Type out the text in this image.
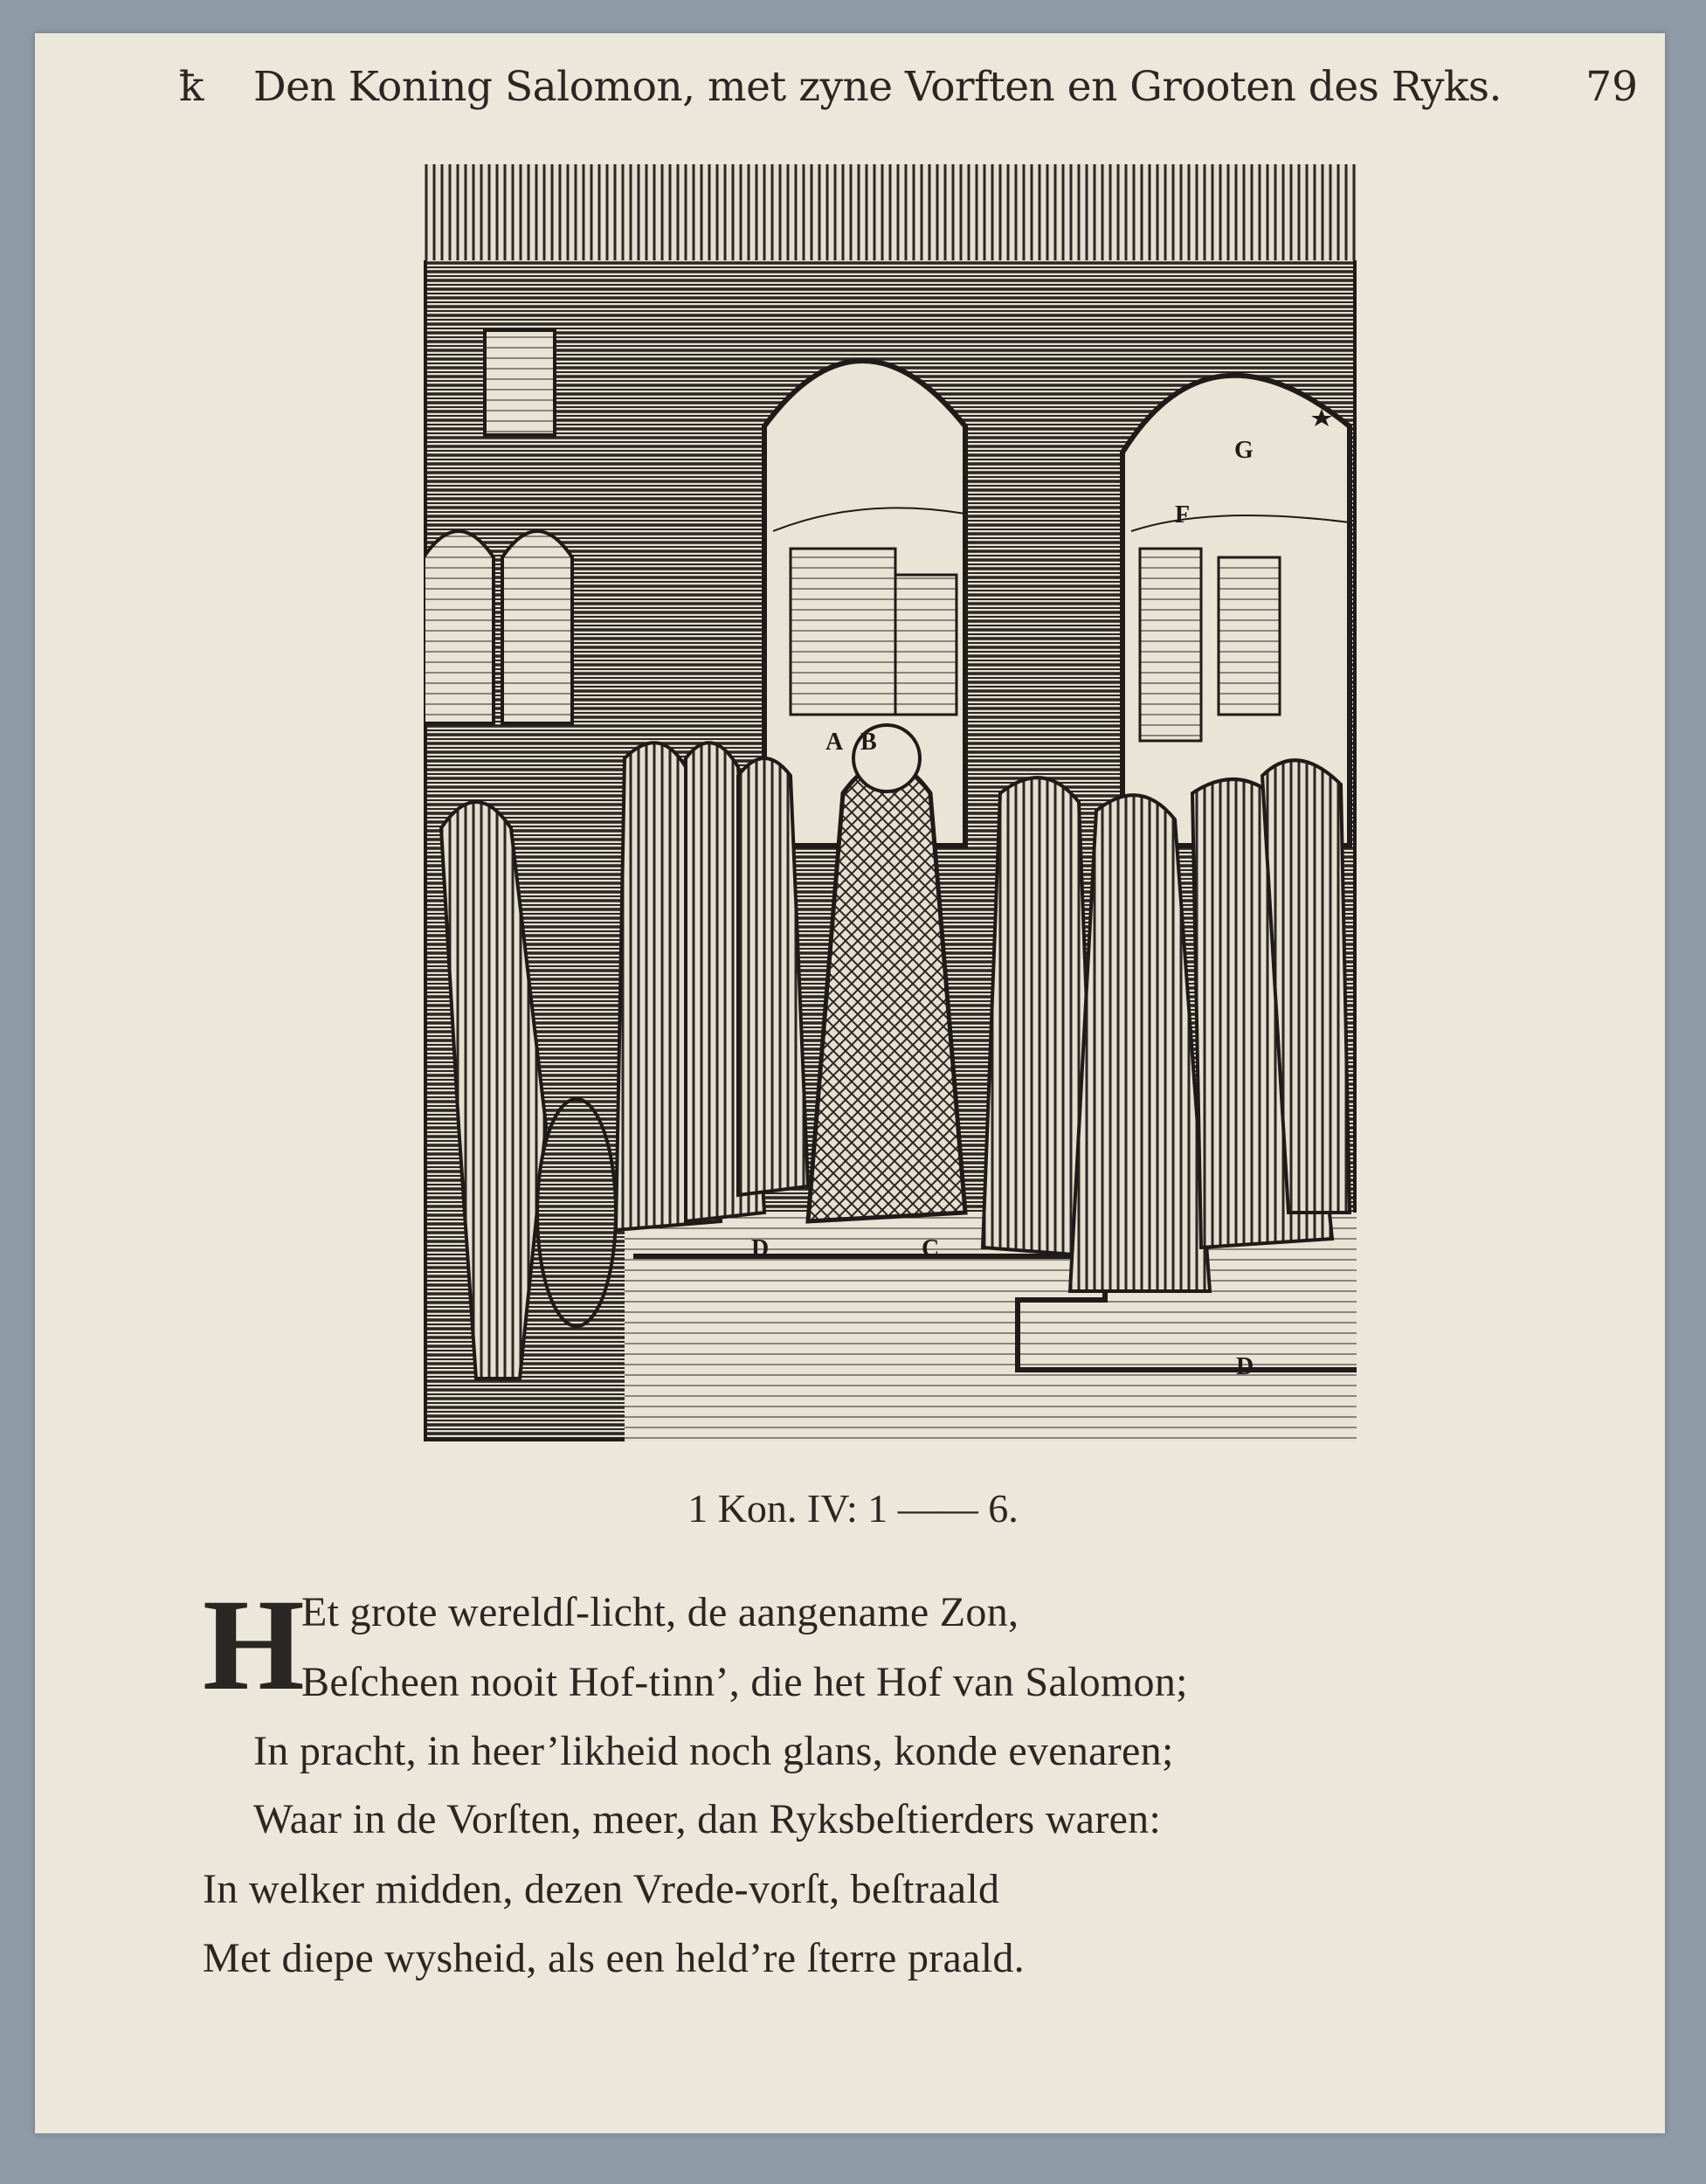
ꝁ Den Koning Salomon, met zyne Vorften en Grooten des Ryks. 79
A B
C
D
D
F
G
1 Kon. IV: 1 —— 6.
H
Et grote wereldſ-licht, de aangename Zon,
Beſcheen nooit Hof-tinn’, die het Hof van Salomon;
In pracht, in heer’likheid noch glans, konde evenaren;
Waar in de Vorſten, meer, dan Ryksbeſtierders waren:
In welker midden, dezen Vrede-vorſt, beſtraald
Met diepe wysheid, als een held’re ſterre praald.
